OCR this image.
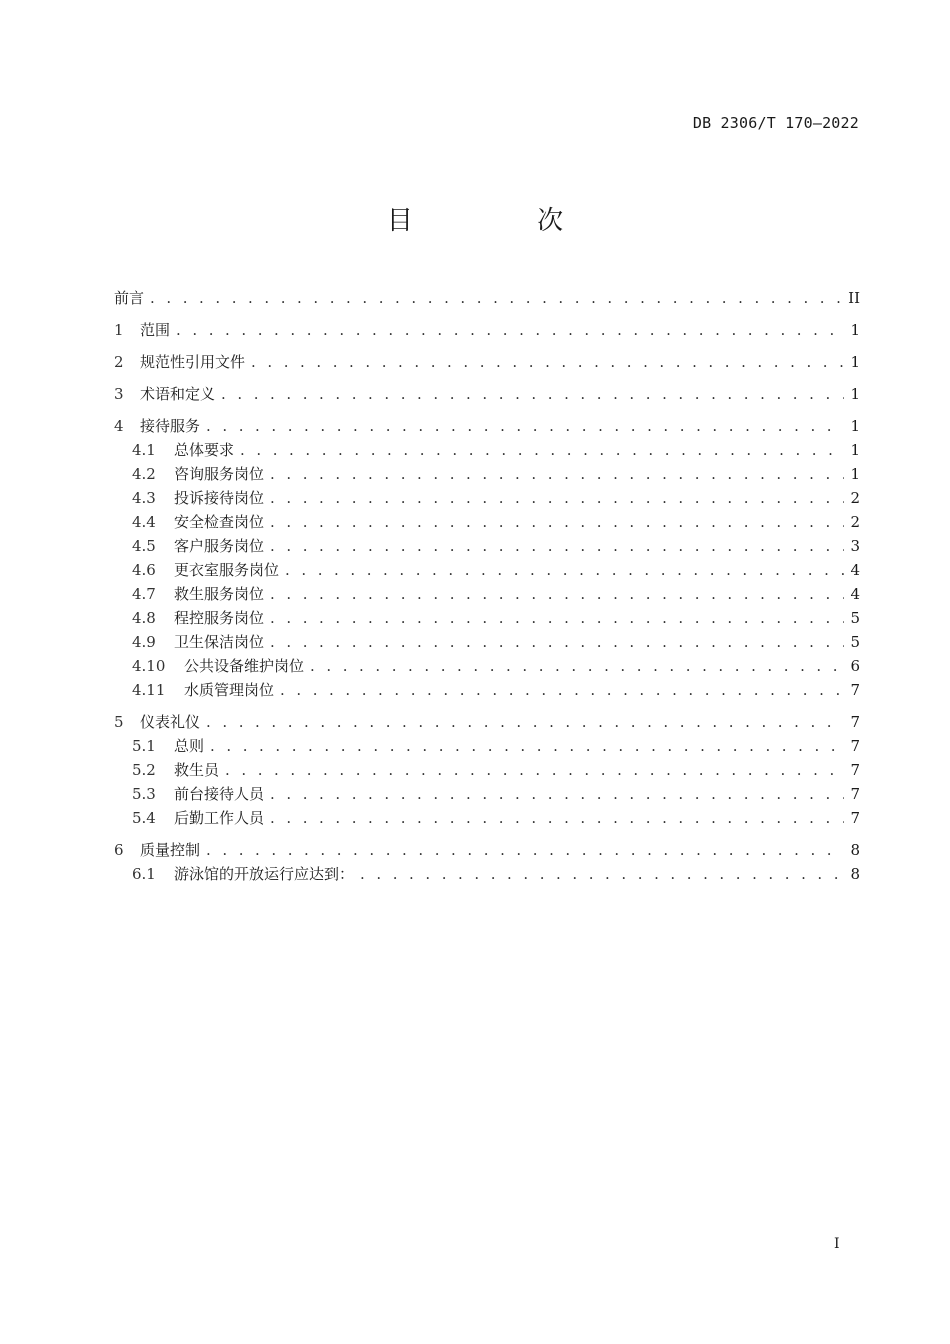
DB 2306/T 170—2022
目 次
前言 . . .	II
1	范围 . . .	1
2	规范性引用文件 . . .	1
3	术语和定义 . . .	1
4	接待服务 . . .	1
4.1	总体要求 . . .	1
4.2	咨询服务岗位 . . .	1
4.3	投诉接待岗位 . . .	2
4.4	安全检查岗位 . . .	2
4.5	客户服务岗位 . . .	3
4.6	更衣室服务岗位 . . .	4
4.7	救生服务岗位 . . .	4
4.8	程控服务岗位 . . .	5
4.9	卫生保洁岗位 . . .	5
4.10	公共设备维护岗位 . . .	6
4.11	水质管理岗位 . . .	7
5	仪表礼仪 . . .	7
5.1	总则 . . .	7
5.2	救生员 . . .	7
5.3	前台接待人员 . . .	7
5.4	后勤工作人员 . . .	7
6	质量控制 . . .	8
6.1	游泳馆的开放运行应达到： . . .	8
I
